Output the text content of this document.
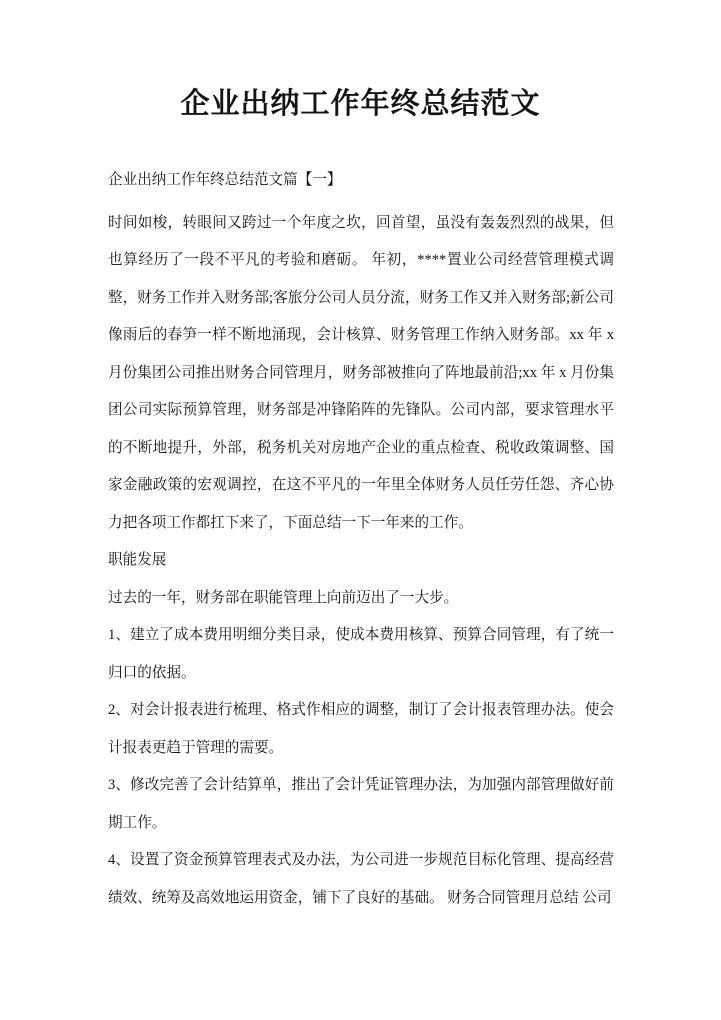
企业出纳工作年终总结范文

企业出纳工作年终总结范文篇【一】

时间如梭，转眼间又跨过一个年度之坎，回首望，虽没有轰轰烈烈的战果，但也算经历了一段不平凡的考验和磨砺。 年初，****置业公司经营管理模式调整，财务工作并入财务部;客旅分公司人员分流，财务工作又并入财务部;新公司像雨后的春笋一样不断地涌现，会计核算、财务管理工作纳入财务部。xx 年 x 月份集团公司推出财务合同管理月，财务部被推向了阵地最前沿;xx 年 x 月份集团公司实际预算管理，财务部是冲锋陷阵的先锋队。公司内部，要求管理水平的不断地提升，外部，税务机关对房地产企业的重点检查、税收政策调整、国家金融政策的宏观调控，在这不平凡的一年里全体财务人员任劳任怨、齐心协力把各项工作都扛下来了，下面总结一下一年来的工作。

职能发展

过去的一年，财务部在职能管理上向前迈出了一大步。

1、建立了成本费用明细分类目录，使成本费用核算、预算合同管理，有了统一归口的依据。

2、对会计报表进行梳理、格式作相应的调整，制订了会计报表管理办法。使会计报表更趋于管理的需要。

3、修改完善了会计结算单，推出了会计凭证管理办法，为加强内部管理做好前期工作。

4、设置了资金预算管理表式及办法，为公司进一步规范目标化管理、提高经营绩效、统筹及高效地运用资金，铺下了良好的基础。 财务合同管理月总结 公司
